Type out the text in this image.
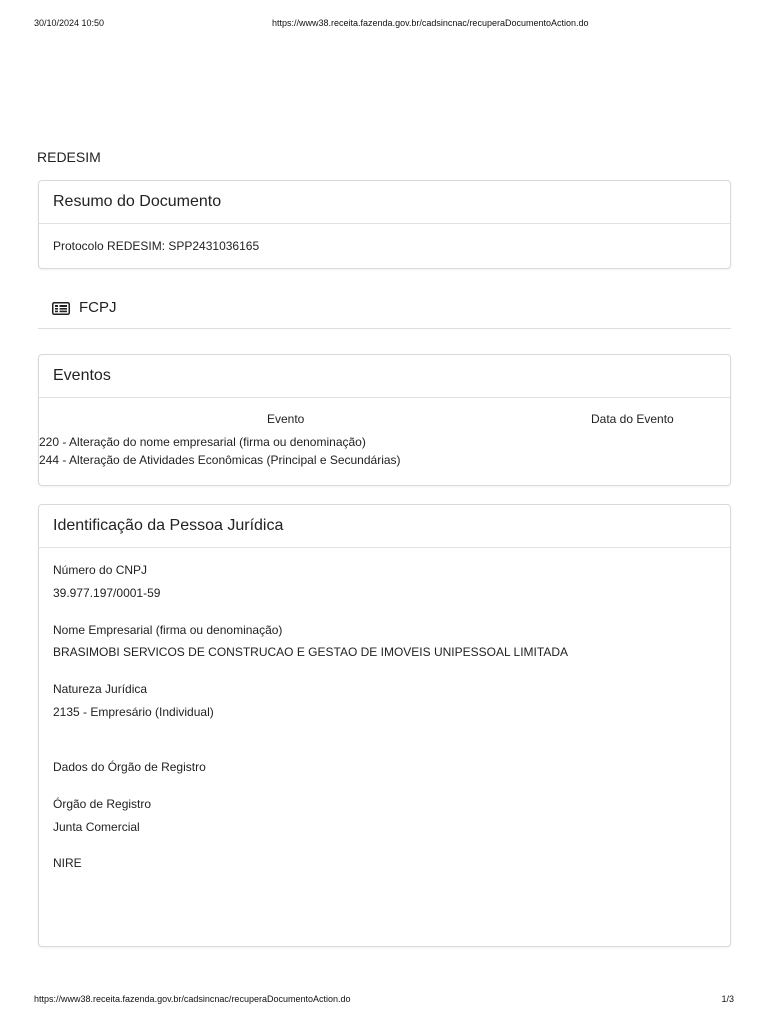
30/10/2024 10:50	https://www38.receita.fazenda.gov.br/cadsincnac/recuperaDocumentoAction.do
REDESIM
Resumo do Documento
Protocolo REDESIM: SPP2431036165
FCPJ
Eventos
Evento	Data do Evento
220 - Alteração do nome empresarial (firma ou denominação)
244 - Alteração de Atividades Econômicas (Principal e Secundárias)
Identificação da Pessoa Jurídica
Número do CNPJ
39.977.197/0001-59
Nome Empresarial (firma ou denominação)
BRASIMOBI SERVICOS DE CONSTRUCAO E GESTAO DE IMOVEIS UNIPESSOAL LIMITADA
Natureza Jurídica
2135 - Empresário (Individual)
Dados do Órgão de Registro
Órgão de Registro
Junta Comercial
NIRE
https://www38.receita.fazenda.gov.br/cadsincnac/recuperaDocumentoAction.do	1/3
